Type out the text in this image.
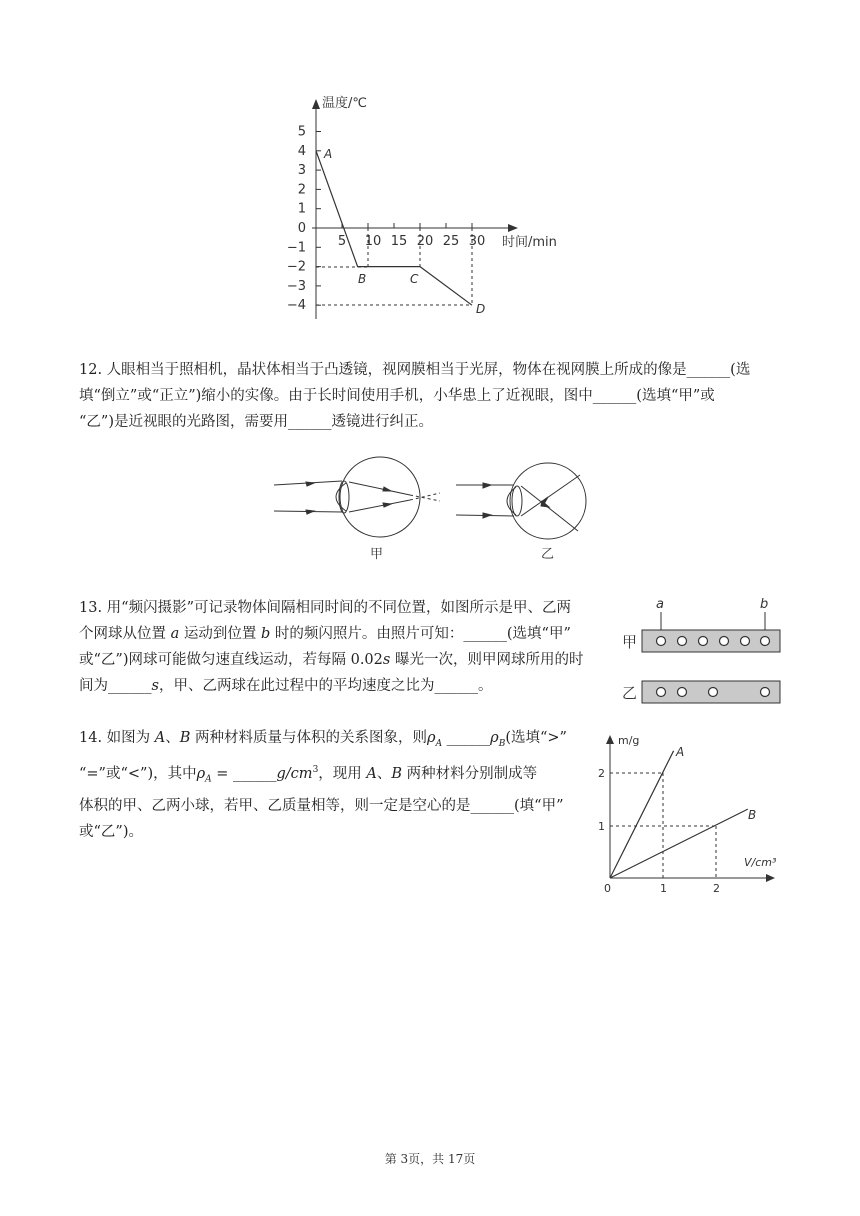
5
4
3
2
1
0
−1
−2
−3
−4
5 10 15 20 25 30
温度/℃
时间/min
A
B	C
D

12. 人眼相当于照相机，晶状体相当于凸透镜，视网膜相当于光屏，物体在视网膜上所成的像是______(选

填“倒立”或“正立”)缩小的实像。由于长时间使用手机，小华患上了近视眼，图中______(选填“甲”或

“乙”)是近视眼的光路图，需要用______透镜进行纠正。

甲	乙

13. 用“频闪摄影”可记录物体间隔相同时间的不同位置，如图所示是甲、乙两

个网球从位置 a 运动到位置 b 时的频闪照片。由照片可知：______(选填“甲”

或“乙”)网球可能做匀速直线运动，若每隔 0.02s 曝光一次，则甲网球所用的时

间为______s，甲、乙两球在此过程中的平均速度之比为______。

a	b
甲
乙

14. 如图为 A、B 两种材料质量与体积的关系图象，则$\rho_A$ $\_\_\_\_\_\_\rho_B$(选填“>”

“=”或“<”)，其中$\rho_A$ = $\_\_\_\_\_\_g/cm^3$，现用 A、B 两种材料分别制成等

体积的甲、乙两小球，若甲、乙质量相等，则一定是空心的是______(填“甲”

或“乙”)。

m/g
V/cm³
0	1	2
1
2
A
B
第 3页，共 17页
